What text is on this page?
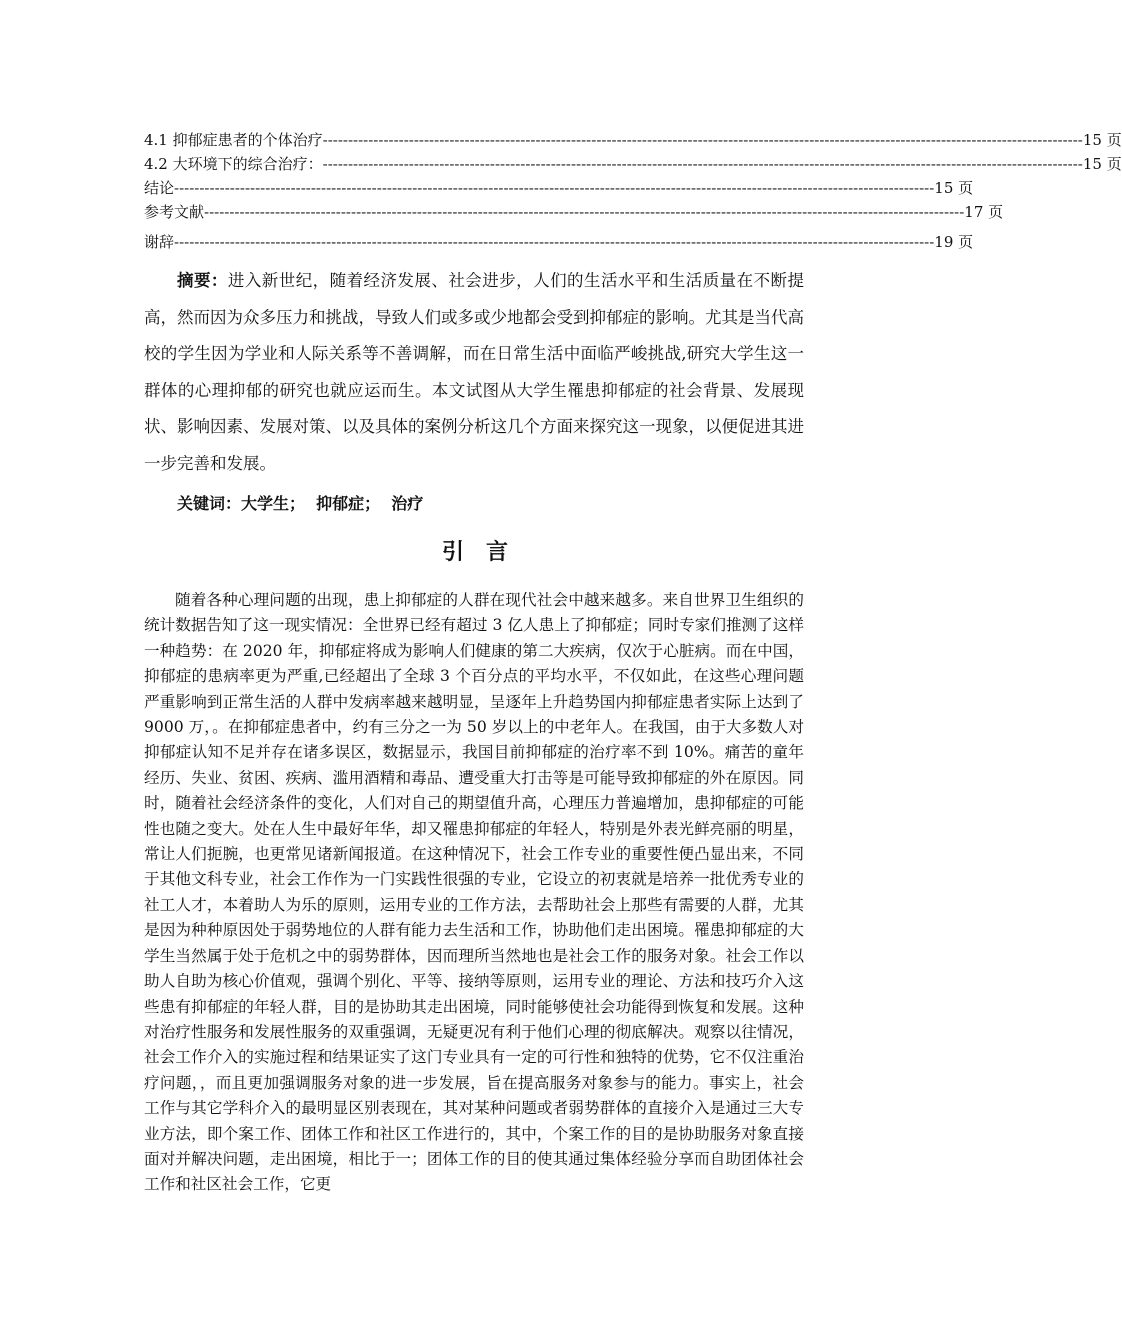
4.1 抑郁症患者的个体治疗 ------------------------------------------------------------------------------------------------------------------------------------------------------ 15 页
4.2 大环境下的综合治疗： ------------------------------------------------------------------------------------------------------------------------------------------------------ 15 页
结论 ------------------------------------------------------------------------------------------------------------------------------------------------------ 15 页
参考文献 ------------------------------------------------------------------------------------------------------------------------------------------------------ 17 页
谢辞 ------------------------------------------------------------------------------------------------------------------------------------------------------ 19 页

摘要：进入新世纪，随着经济发展、社会进步，人们的生活水平和生活质量在不断提高，然而因为众多压力和挑战，导致人们或多或少地都会受到抑郁症的影响。尤其是当代高校的学生因为学业和人际关系等不善调解，而在日常生活中面临严峻挑战,研究大学生这一群体的心理抑郁的研究也就应运而生。本文试图从大学生罹患抑郁症的社会背景、发展现状、影响因素、发展对策、以及具体的案例分析这几个方面来探究这一现象，以便促进其进一步完善和发展。

关键词：大学生；  抑郁症；  治疗
引言

随着各种心理问题的出现，患上抑郁症的人群在现代社会中越来越多。来自世界卫生组织的统计数据告知了这一现实情况：全世界已经有超过 3 亿人患上了抑郁症；同时专家们推测了这样一种趋势：在 2020 年，抑郁症将成为影响人们健康的第二大疾病，仅次于心脏病。而在中国，抑郁症的患病率更为严重,已经超出了全球 3 个百分点的平均水平，不仅如此，在这些心理问题严重影响到正常生活的人群中发病率越来越明显，呈逐年上升趋势国内抑郁症患者实际上达到了 9000 万，。在抑郁症患者中，约有三分之一为 50 岁以上的中老年人。在我国，由于大多数人对抑郁症认知不足并存在诸多误区，数据显示，我国目前抑郁症的治疗率不到 10%。痛苦的童年经历、失业、贫困、疾病、滥用酒精和毒品、遭受重大打击等是可能导致抑郁症的外在原因。同时，随着社会经济条件的变化，人们对自己的期望值升高，心理压力普遍增加，患抑郁症的可能性也随之变大。处在人生中最好年华，却又罹患抑郁症的年轻人，特别是外表光鲜亮丽的明星，常让人们扼腕，也更常见诸新闻报道。在这种情况下，社会工作专业的重要性便凸显出来，不同于其他文科专业，社会工作作为一门实践性很强的专业，它设立的初衷就是培养一批优秀专业的社工人才，本着助人为乐的原则，运用专业的工作方法，去帮助社会上那些有需要的人群，尤其是因为种种原因处于弱势地位的人群有能力去生活和工作，协助他们走出困境。罹患抑郁症的大学生当然属于处于危机之中的弱势群体，因而理所当然地也是社会工作的服务对象。社会工作以助人自助为核心价值观，强调个别化、平等、接纳等原则，运用专业的理论、方法和技巧介入这些患有抑郁症的年轻人群，目的是协助其走出困境，同时能够使社会功能得到恢复和发展。这种对治疗性服务和发展性服务的双重强调，无疑更况有利于他们心理的彻底解决。观察以往情况，社会工作介入的实施过程和结果证实了这门专业具有一定的可行性和独特的优势，它不仅注重治疗问题，，而且更加强调服务对象的进一步发展，旨在提高服务对象参与的能力。事实上，社会工作与其它学科介入的最明显区别表现在，其对某种问题或者弱势群体的直接介入是通过三大专业方法，即个案工作、团体工作和社区工作进行的，其中，个案工作的目的是协助服务对象直接面对并解决问题，走出困境，相比于一；团体工作的目的使其通过集体经验分享而自助团体社会工作和社区社会工作，它更
